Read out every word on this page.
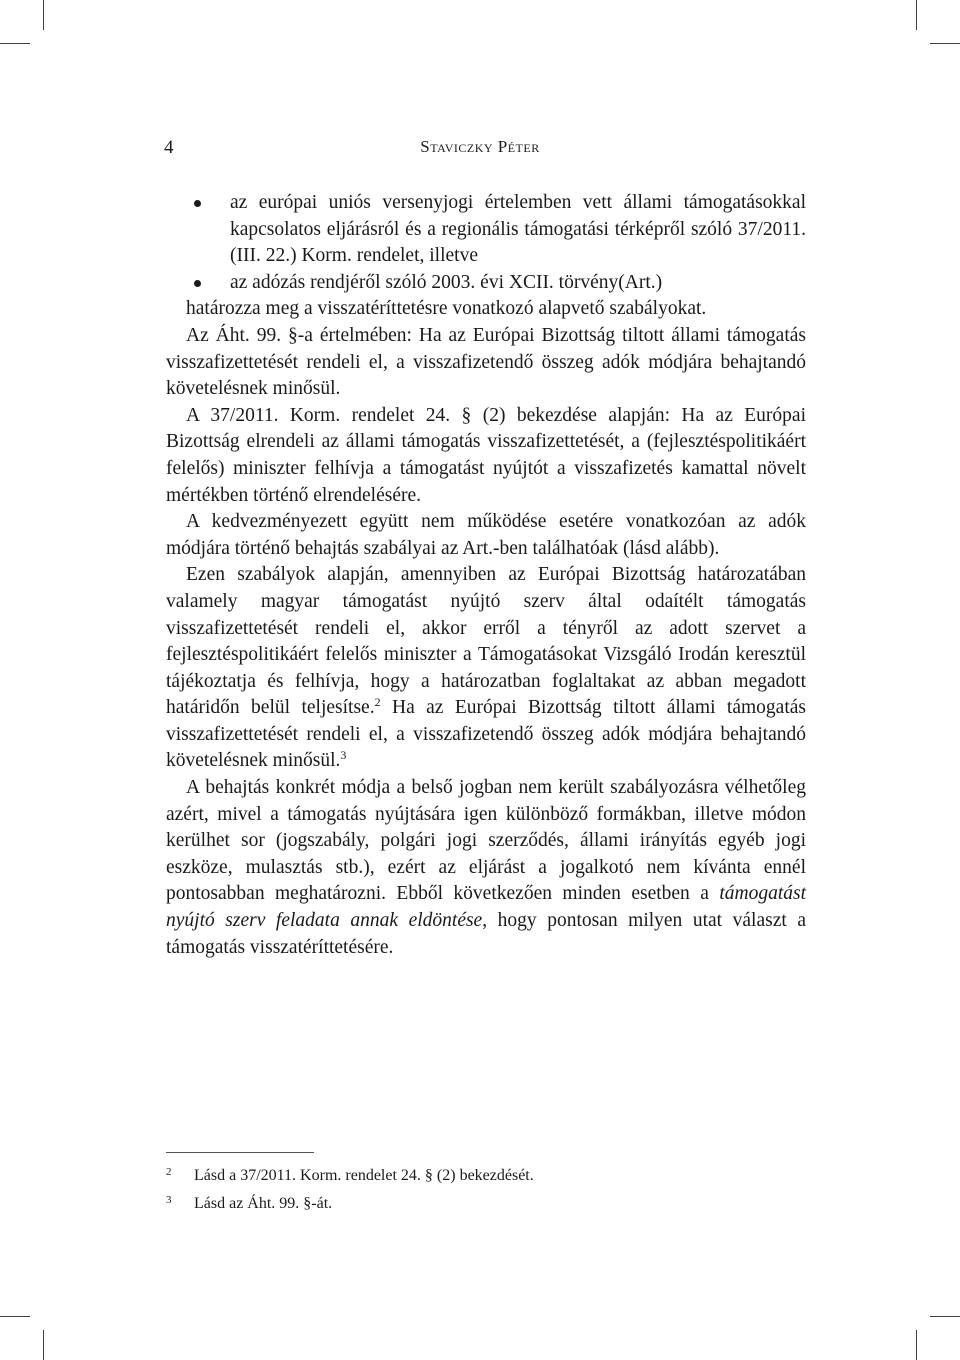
4	Staviczky Péter
az európai uniós versenyjogi értelemben vett állami támogatásokkal kapcsolatos eljárásról és a regionális támogatási térképről szóló 37/2011. (III. 22.) Korm. rendelet, illetve
az adózás rendjéről szóló 2003. évi XCII. törvény(Art.)
határozza meg a visszatéríttetésre vonatkozó alapvető szabályokat.
Az Áht. 99. §-a értelmében: Ha az Európai Bizottság tiltott állami támogatás visszafizettetését rendeli el, a visszafizetendő összeg adók módjára behajtandó követelésnek minősül.
A 37/2011. Korm. rendelet 24. § (2) bekezdése alapján: Ha az Európai Bizottság elrendeli az állami támogatás visszafizettetését, a (fejlesztéspolitikáért felelős) miniszter felhívja a támogatást nyújtót a visszafizetés kamattal növelt mértékben történő elrendelésére.
A kedvezményezett együtt nem működése esetére vonatkozóan az adók módjára történő behajtás szabályai az Art.-ben találhatóak (lásd alább).
Ezen szabályok alapján, amennyiben az Európai Bizottság határozatában valamely magyar támogatást nyújtó szerv által odaítélt támogatás visszafizettetését rendeli el, akkor erről a tényről az adott szervet a fejlesztéspolitikáért felelős miniszter a Támogatásokat Vizsgáló Irodán keresztül tájékoztatja és felhívja, hogy a határozatban foglaltakat az abban megadott határidőn belül teljesítse.$^2$ Ha az Európai Bizottság tiltott állami támogatás visszafizettetését rendeli el, a visszafizetendő összeg adók módjára behajtandó követelésnek minősül.$^3$
A behajtás konkrét módja a belső jogban nem került szabályozásra vélhetőleg azért, mivel a támogatás nyújtására igen különböző formákban, illetve módon kerülhet sor (jogszabály, polgári jogi szerződés, állami irányítás egyéb jogi eszköze, mulasztás stb.), ezért az eljárást a jogalkotó nem kívánta ennél pontosabban meghatározni. Ebből következően minden esetben a támogatást nyújtó szerv feladata annak eldöntése, hogy pontosan milyen utat választ a támogatás visszatéríttetésére.
2 Lásd a 37/2011. Korm. rendelet 24. § (2) bekezdését.
3 Lásd az Áht. 99. §-át.
